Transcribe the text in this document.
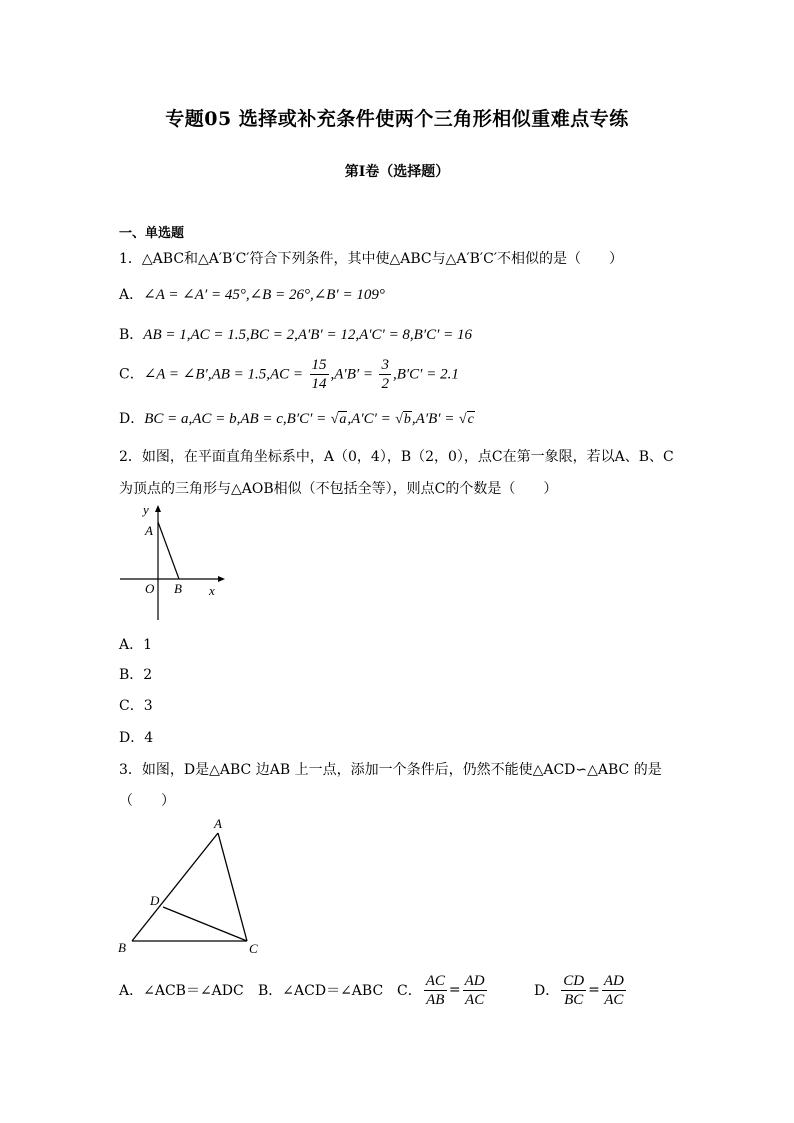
专题05 选择或补充条件使两个三角形相似重难点专练
第I卷（选择题）
一、单选题
1．△ABC和△A′B′C′符合下列条件，其中使△ABC与△A′B′C′不相似的是（　　）
A．∠A = ∠A′ = 45°,∠B = 26°,∠B′ = 109°
B．AB = 1,AC = 1.5,BC = 2,A′B′ = 12,A′C′ = 8,B′C′ = 16
C．∠A = ∠B′,AB = $1.5,AC = \frac{15}{14} ,A'B' = \frac{3}{2} ,B'C' = 2.1$
D．BC = a,AC = b,AB = c,B′C′ = √a,A′C′ = √b,A′B′ = √c
2．如图，在平面直角坐标系中，A（0，4），B（2，0），点C在第一象限，若以A、B、C
为顶点的三角形与△AOB相似（不包括全等），则点C的个数是（　　）
y
A
O B x
A．1
B．2
C．3
D．4
3．如图，D是△ABC 边AB 上一点，添加一个条件后，仍然不能使△ACD∽△ABC 的是
（　　）
A
D
B	C
A．∠ACB＝∠ADC B．∠ACD＝∠ABC C． $\frac{AC}{AB} = \frac{AD}{AC}$	D． $\frac{CD}{BC} = \frac{AD}{AC}$
